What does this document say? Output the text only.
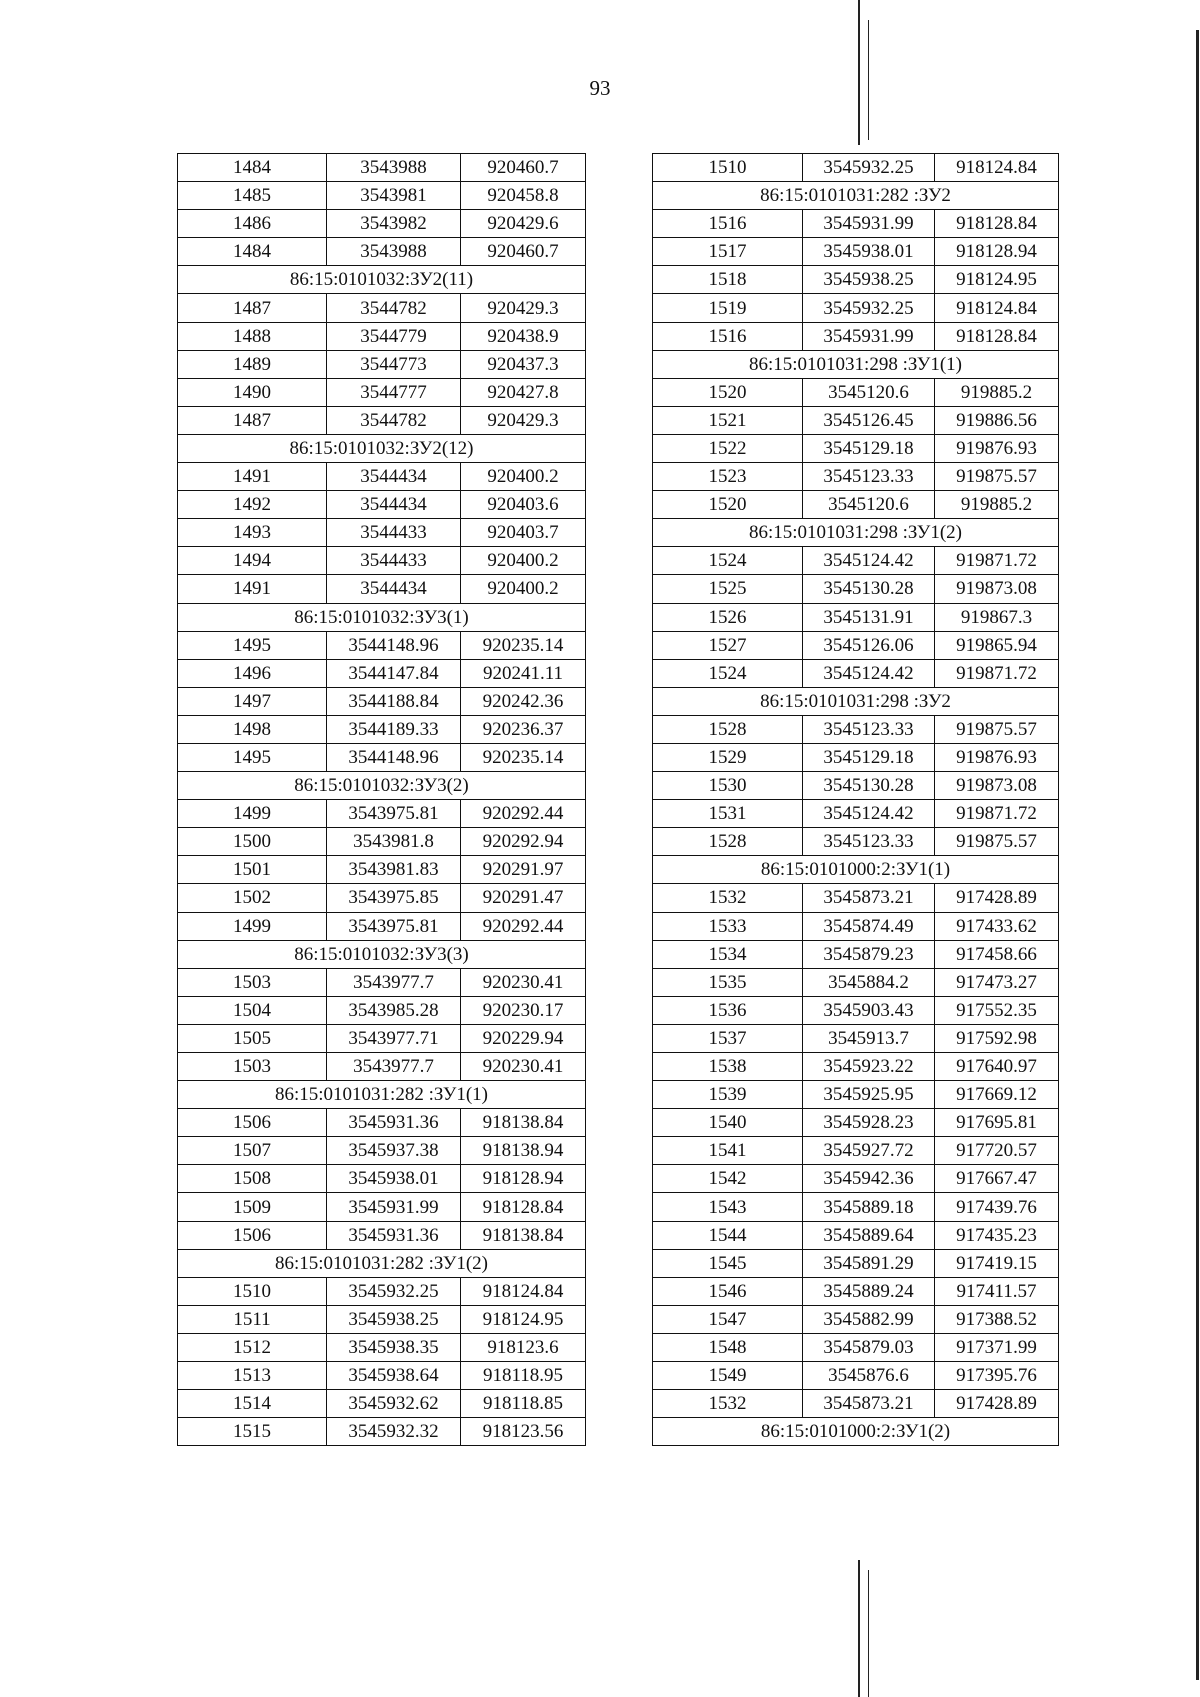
93
1484	3543988	920460.7
1485	3543981	920458.8
1486	3543982	920429.6
1484	3543988	920460.7
86:15:0101032:ЗУ2(11)		
1487	3544782	920429.3
1488	3544779	920438.9
1489	3544773	920437.3
1490	3544777	920427.8
1487	3544782	920429.3
86:15:0101032:ЗУ2(12)		
1491	3544434	920400.2
1492	3544434	920403.6
1493	3544433	920403.7
1494	3544433	920400.2
1491	3544434	920400.2
86:15:0101032:ЗУ3(1)		
1495	3544148.96	920235.14
1496	3544147.84	920241.11
1497	3544188.84	920242.36
1498	3544189.33	920236.37
1495	3544148.96	920235.14
86:15:0101032:ЗУ3(2)		
1499	3543975.81	920292.44
1500	3543981.8	920292.94
1501	3543981.83	920291.97
1502	3543975.85	920291.47
1499	3543975.81	920292.44
86:15:0101032:ЗУ3(3)		
1503	3543977.7	920230.41
1504	3543985.28	920230.17
1505	3543977.71	920229.94
1503	3543977.7	920230.41
86:15:0101031:282 :ЗУ1(1)		
1506	3545931.36	918138.84
1507	3545937.38	918138.94
1508	3545938.01	918128.94
1509	3545931.99	918128.84
1506	3545931.36	918138.84
86:15:0101031:282 :ЗУ1(2)		
1510	3545932.25	918124.84
1511	3545938.25	918124.95
1512	3545938.35	918123.6
1513	3545938.64	918118.95
1514	3545932.62	918118.85
1515	3545932.32	918123.56
1510	3545932.25	918124.84
86:15:0101031:282 :ЗУ2		
1516	3545931.99	918128.84
1517	3545938.01	918128.94
1518	3545938.25	918124.95
1519	3545932.25	918124.84
1516	3545931.99	918128.84
86:15:0101031:298 :ЗУ1(1)		
1520	3545120.6	919885.2
1521	3545126.45	919886.56
1522	3545129.18	919876.93
1523	3545123.33	919875.57
1520	3545120.6	919885.2
86:15:0101031:298 :ЗУ1(2)		
1524	3545124.42	919871.72
1525	3545130.28	919873.08
1526	3545131.91	919867.3
1527	3545126.06	919865.94
1524	3545124.42	919871.72
86:15:0101031:298 :ЗУ2		
1528	3545123.33	919875.57
1529	3545129.18	919876.93
1530	3545130.28	919873.08
1531	3545124.42	919871.72
1528	3545123.33	919875.57
86:15:0101000:2:ЗУ1(1)		
1532	3545873.21	917428.89
1533	3545874.49	917433.62
1534	3545879.23	917458.66
1535	3545884.2	917473.27
1536	3545903.43	917552.35
1537	3545913.7	917592.98
1538	3545923.22	917640.97
1539	3545925.95	917669.12
1540	3545928.23	917695.81
1541	3545927.72	917720.57
1542	3545942.36	917667.47
1543	3545889.18	917439.76
1544	3545889.64	917435.23
1545	3545891.29	917419.15
1546	3545889.24	917411.57
1547	3545882.99	917388.52
1548	3545879.03	917371.99
1549	3545876.6	917395.76
1532	3545873.21	917428.89
86:15:0101000:2:ЗУ1(2)		
